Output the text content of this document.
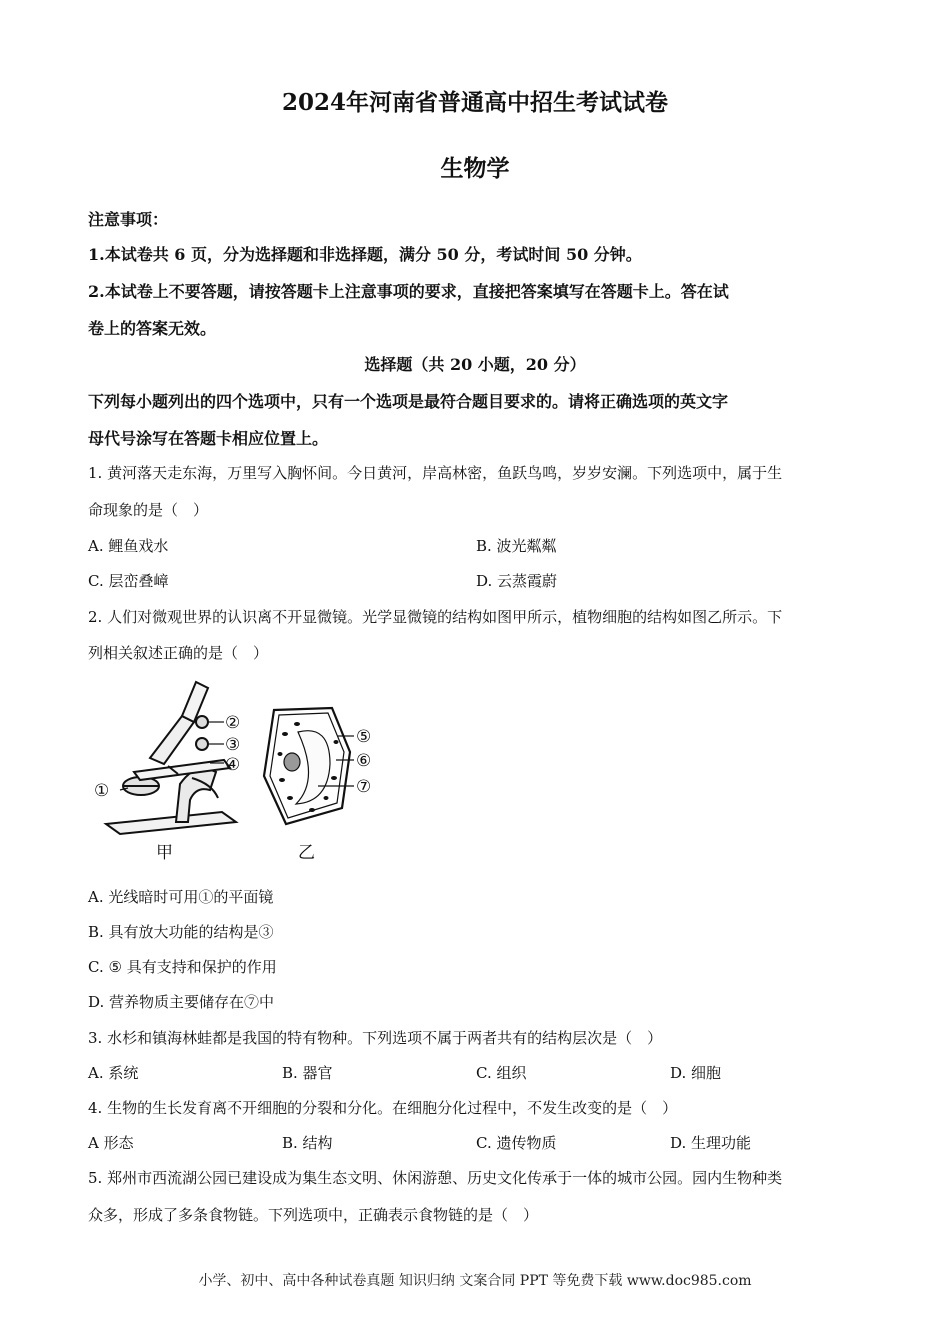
2024年河南省普通高中招生考试试卷
生物学
注意事项：
1.本试卷共 6 页，分为选择题和非选择题，满分 50 分，考试时间 50 分钟。
2.本试卷上不要答题，请按答题卡上注意事项的要求，直接把答案填写在答题卡上。答在试
卷上的答案无效。
选择题（共 20 小题，20 分）
下列每小题列出的四个选项中，只有一个选项是最符合题目要求的。请将正确选项的英文字
母代号涂写在答题卡相应位置上。
1. 黄河落天走东海，万里写入胸怀间。今日黄河，岸高林密，鱼跃鸟鸣，岁岁安澜。下列选项中，属于生
命现象的是（　）
A. 鲤鱼戏水	B. 波光粼粼
C. 层峦叠嶂	D. 云蒸霞蔚
2. 人们对微观世界的认识离不开显微镜。光学显微镜的结构如图甲所示，植物细胞的结构如图乙所示。下
列相关叙述正确的是（　）
①
②
③
④
甲
⑤
⑥
⑦
乙
A. 光线暗时可用①的平面镜
B. 具有放大功能的结构是③
C. ⑤ 具有支持和保护的作用
D. 营养物质主要储存在⑦中
3. 水杉和镇海林蛙都是我国的特有物种。下列选项不属于两者共有的结构层次是（　）
A. 系统	B. 器官	C. 组织	D. 细胞
4. 生物的生长发育离不开细胞的分裂和分化。在细胞分化过程中，不发生改变的是（　）
A 形态	B. 结构	C. 遗传物质	D. 生理功能
5. 郑州市西流湖公园已建设成为集生态文明、休闲游憩、历史文化传承于一体的城市公园。园内生物种类
众多，形成了多条食物链。下列选项中，正确表示食物链的是（　）
小学、初中、高中各种试卷真题 知识归纳 文案合同 PPT 等免费下载 www.doc985.com
